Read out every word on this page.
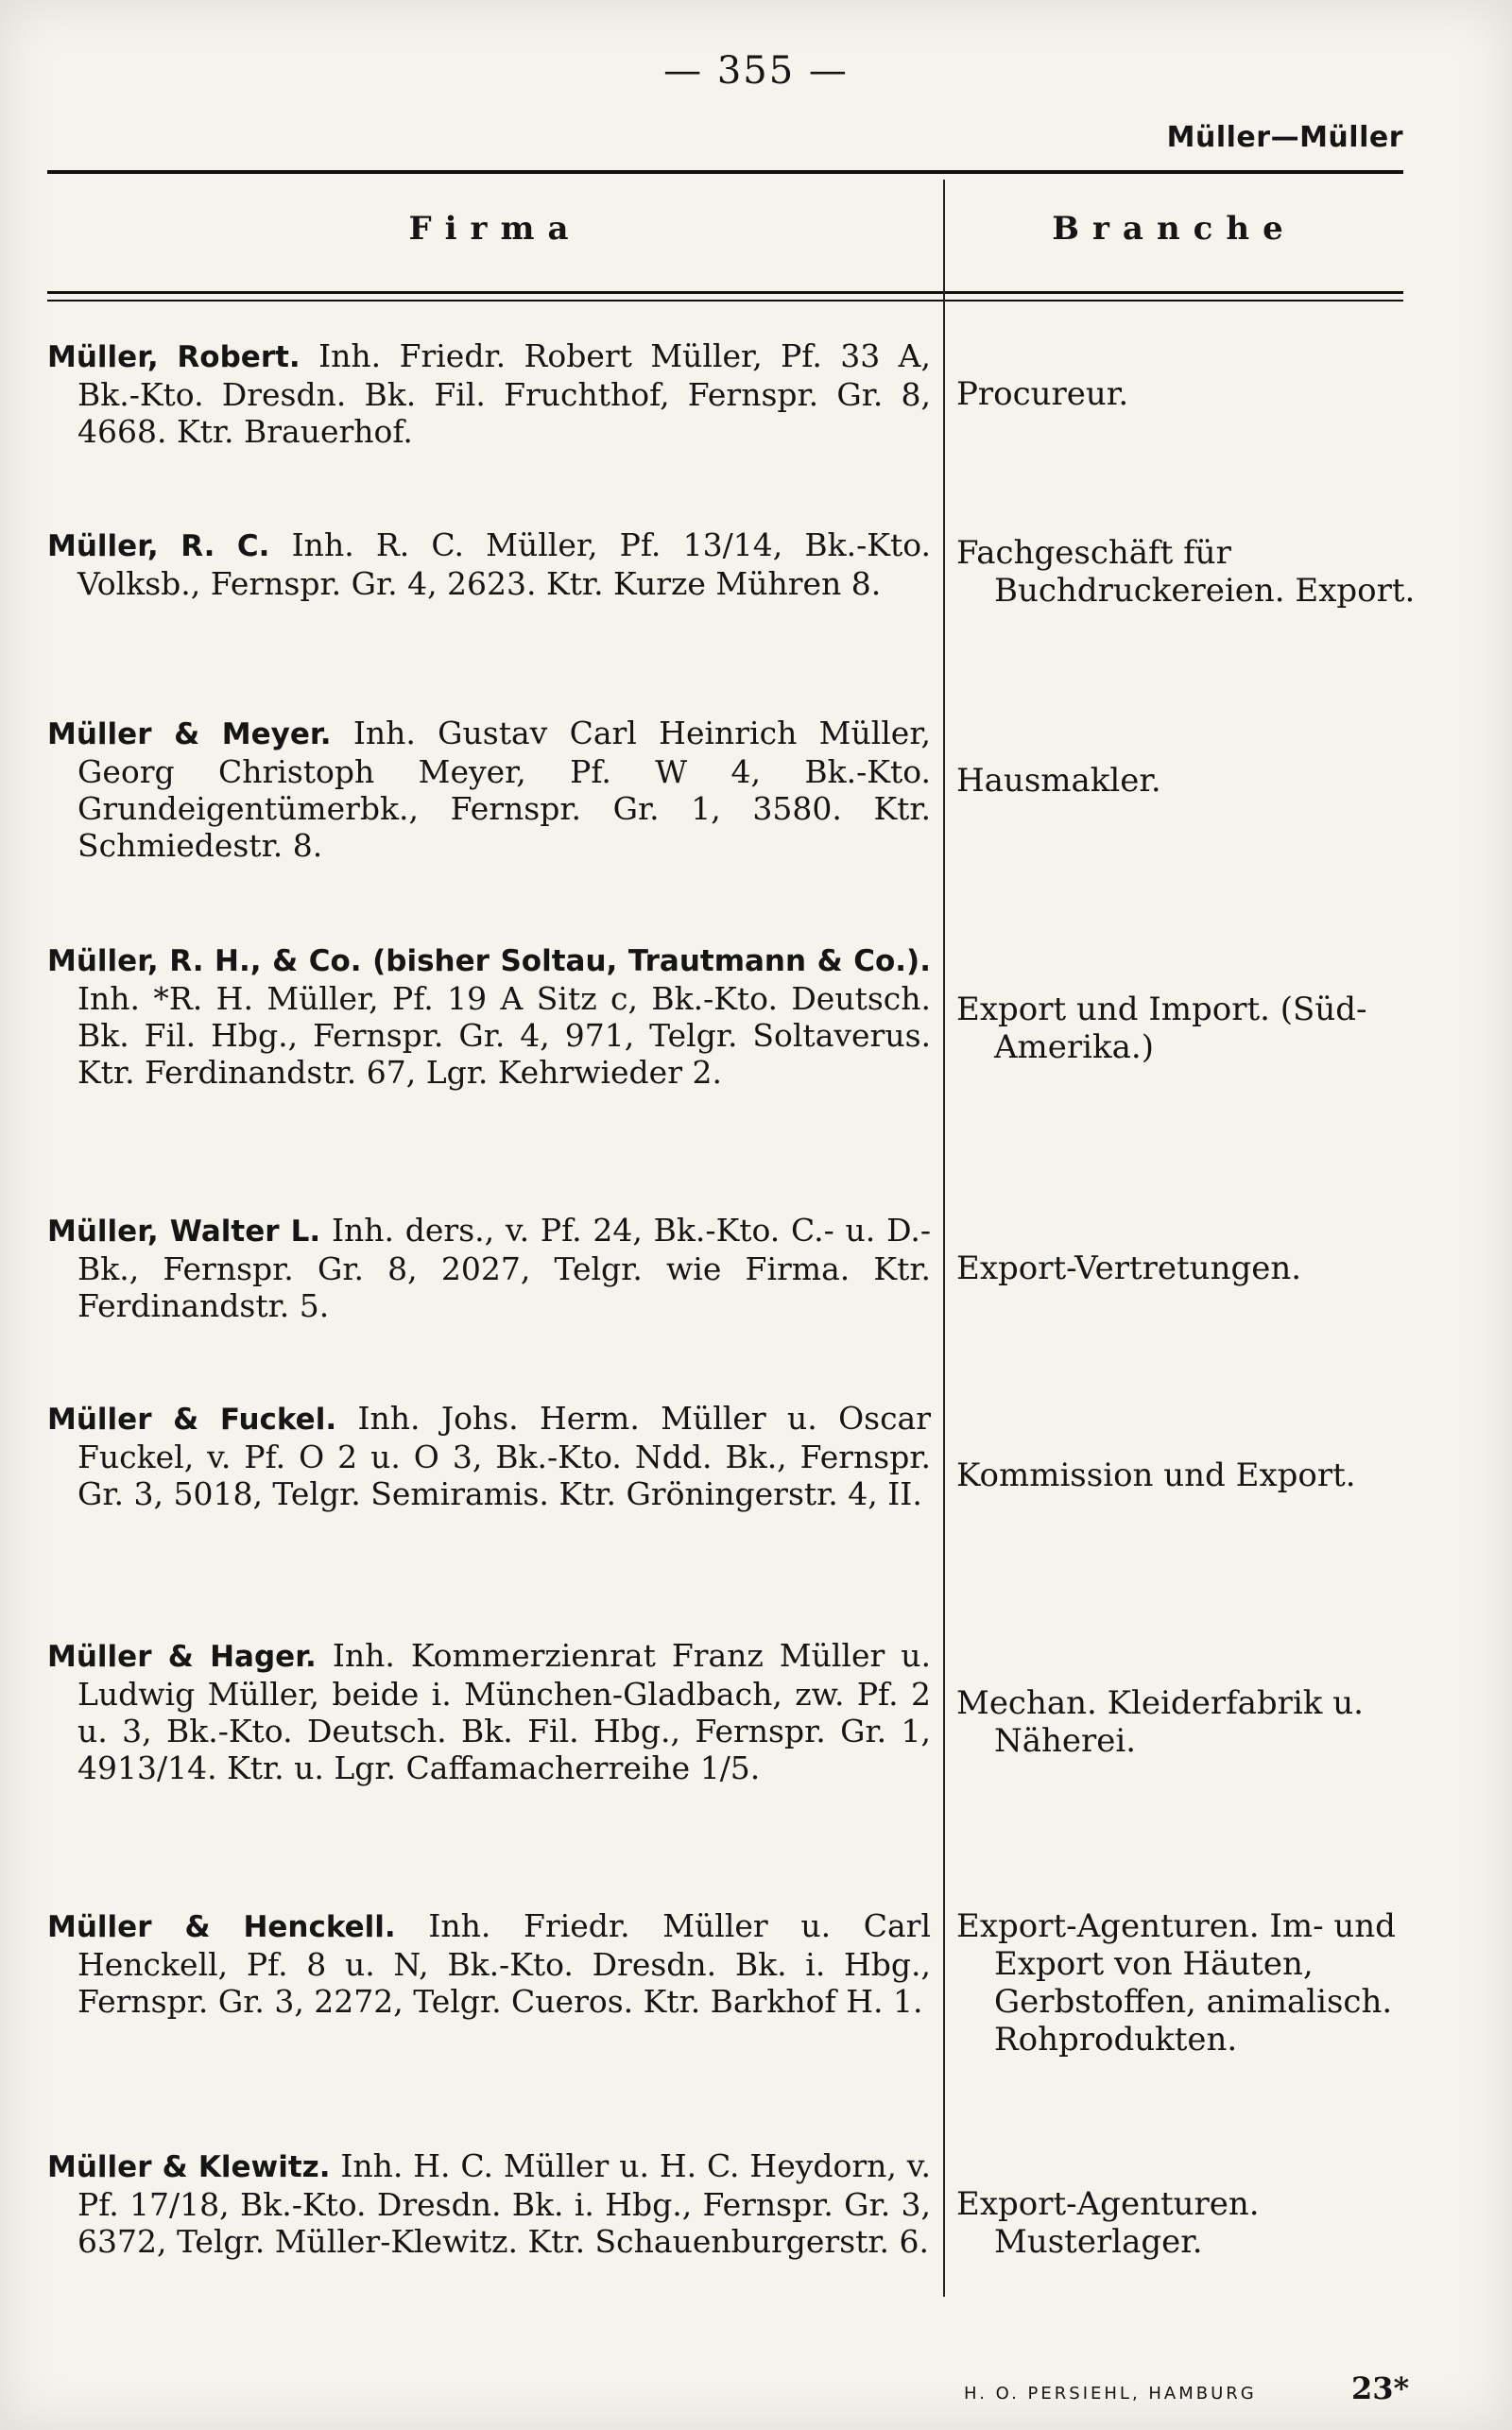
— 355 —
Müller—Müller
Firma	Branche

Müller, Robert. Inh. Friedr. Robert Müller, Pf. 33 A, Bk.-Kto. Dresdn. Bk. Fil. Fruchthof, Fernspr. Gr. 8, 4668. Ktr. Brauerhof.

Procureur.

Müller, R. C. Inh. R. C. Müller, Pf. 13/14, Bk.-Kto. Volksb., Fernspr. Gr. 4, 2623. Ktr. Kurze Mühren 8.

Fachgeschäft für Buchdruckereien. Export.

Müller & Meyer. Inh. Gustav Carl Heinrich Müller, Georg Christoph Meyer, Pf. W 4, Bk.-Kto. Grundeigentümerbk., Fernspr. Gr. 1, 3580. Ktr. Schmiedestr. 8.

Hausmakler.

Müller, R. H., & Co. (bisher Soltau, Trautmann & Co.). Inh. *R. H. Müller, Pf. 19 A Sitz c, Bk.-Kto. Deutsch. Bk. Fil. Hbg., Fernspr. Gr. 4, 971, Telgr. Soltaverus. Ktr. Ferdinandstr. 67, Lgr. Kehrwieder 2.

Export und Import. (Süd-Amerika.)

Müller, Walter L. Inh. ders., v. Pf. 24, Bk.-Kto. C.- u. D.-Bk., Fernspr. Gr. 8, 2027, Telgr. wie Firma. Ktr. Ferdinandstr. 5.

Export-Vertretungen.

Müller & Fuckel. Inh. Johs. Herm. Müller u. Oscar Fuckel, v. Pf. O 2 u. O 3, Bk.-Kto. Ndd. Bk., Fernspr. Gr. 3, 5018, Telgr. Semiramis. Ktr. Gröningerstr. 4, II. Kommission und Export.

Müller & Hager. Inh. Kommerzienrat Franz Müller u. Ludwig Müller, beide i. München-Gladbach, zw. Pf. 2 u. 3, Bk.-Kto. Deutsch. Bk. Fil. Hbg., Fernspr. Gr. 1, 4913/14. Ktr. u. Lgr. Caffamacherreihe 1/5.

Mechan. Kleiderfabrik u. Näherei.

Müller & Henckell. Inh. Friedr. Müller u. Carl Henckell, Pf. 8 u. N, Bk.-Kto. Dresdn. Bk. i. Hbg., Fernspr. Gr. 3, 2272, Telgr. Cueros. Ktr. Barkhof H. 1.

Export-Agenturen. Im- und Export von Häuten, Gerbstoffen, animalisch. Rohprodukten.

Müller & Klewitz. Inh. H. C. Müller u. H. C. Heydorn, v. Pf. 17/18, Bk.-Kto. Dresdn. Bk. i. Hbg., Fernspr. Gr. 3, 6372, Telgr. Müller-Klewitz. Ktr. Schauenburgerstr. 6.

Export-Agenturen. Musterlager.

H. O. PERSIEHL, HAMBURG	23*
